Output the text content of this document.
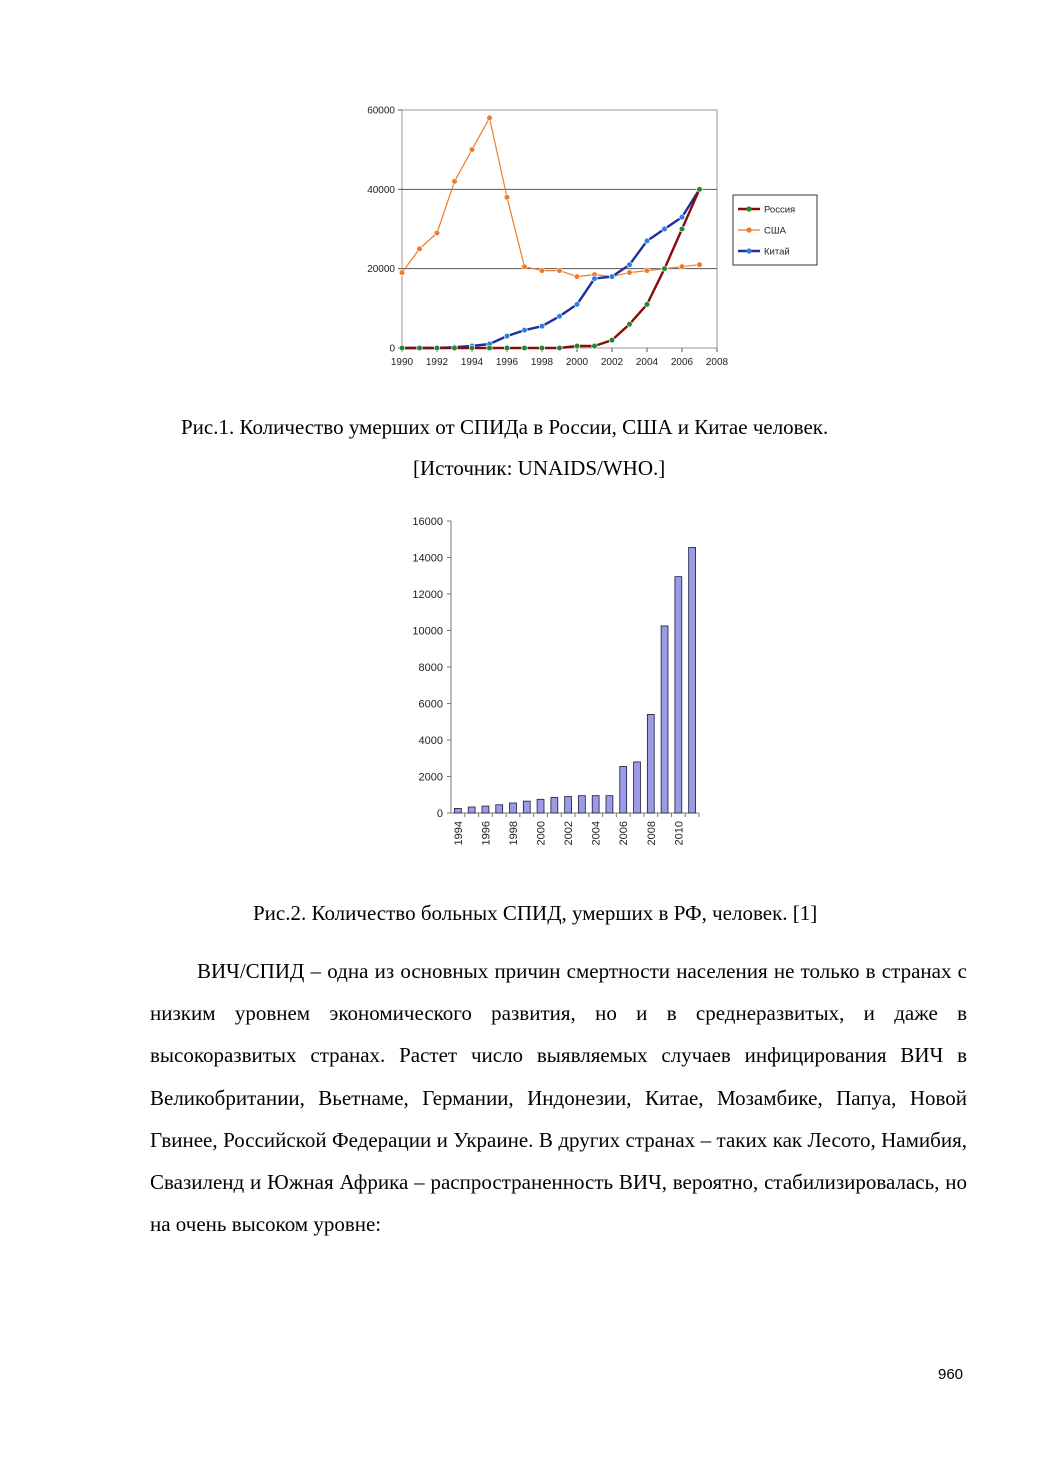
0
20000
40000
60000
1990 1992 1994 1996 1998 2000 2002 2004 2006 2008
Россия
США
Китай
Рис.1. Количество умерших от СПИДа в России, США и Китае человек.
[Источник: UNAIDS/WHO.]
0
2000
4000
6000
8000
10000
12000
14000
16000
1994 1996 1998 2000 2002 2004 2006 2008 2010
Рис.2. Количество больных СПИД, умерших в РФ, человек. [1]

ВИЧ/СПИД – одна из основных причин смертности населения не только в странах с низким уровнем экономического развития, но и в среднеразвитых, и даже в высокоразвитых странах. Растет число выявляемых случаев инфицирования ВИЧ в Великобритании, Вьетнаме, Германии, Индонезии, Китае, Мозамбике, Папуа, Новой Гвинее, Российской Федерации и Украине. В других странах – таких как Лесото, Намибия, Свазиленд и Южная Африка – распространенность ВИЧ, вероятно, стабилизировалась, но на очень высоком уровне:

960
